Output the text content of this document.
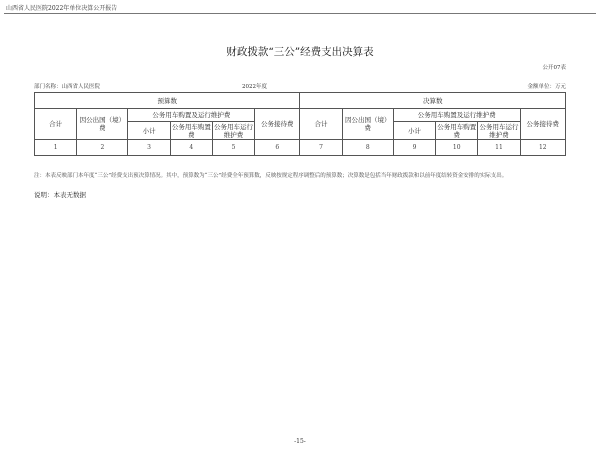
山西省人民医院2022年单位决算公开报告
财政拨款“三公”经费支出决算表
公开07表
部门名称：山西省人民医院	2022年度	金额单位：万元
预算数						决算数					
合计	因公出国（境）费	公务用车购置及运行维护费			公务接待费	合计	因公出国（境）费	公务用车购置及运行维护费			公务接待费
		小计	公务用车购置费	公务用车运行维护费				小计	公务用车购置费	公务用车运行维护费	

1	2	3	4	5	6	7	8	9	10	11	12
注：本表反映部门本年度“三公”经费支出预决算情况。其中，预算数为“三公”经费全年预算数，反映按规定程序调整后的预算数；决算数是包括当年财政拨款和以前年度结转资金安排的实际支出。
说明：本表无数据
-15-
